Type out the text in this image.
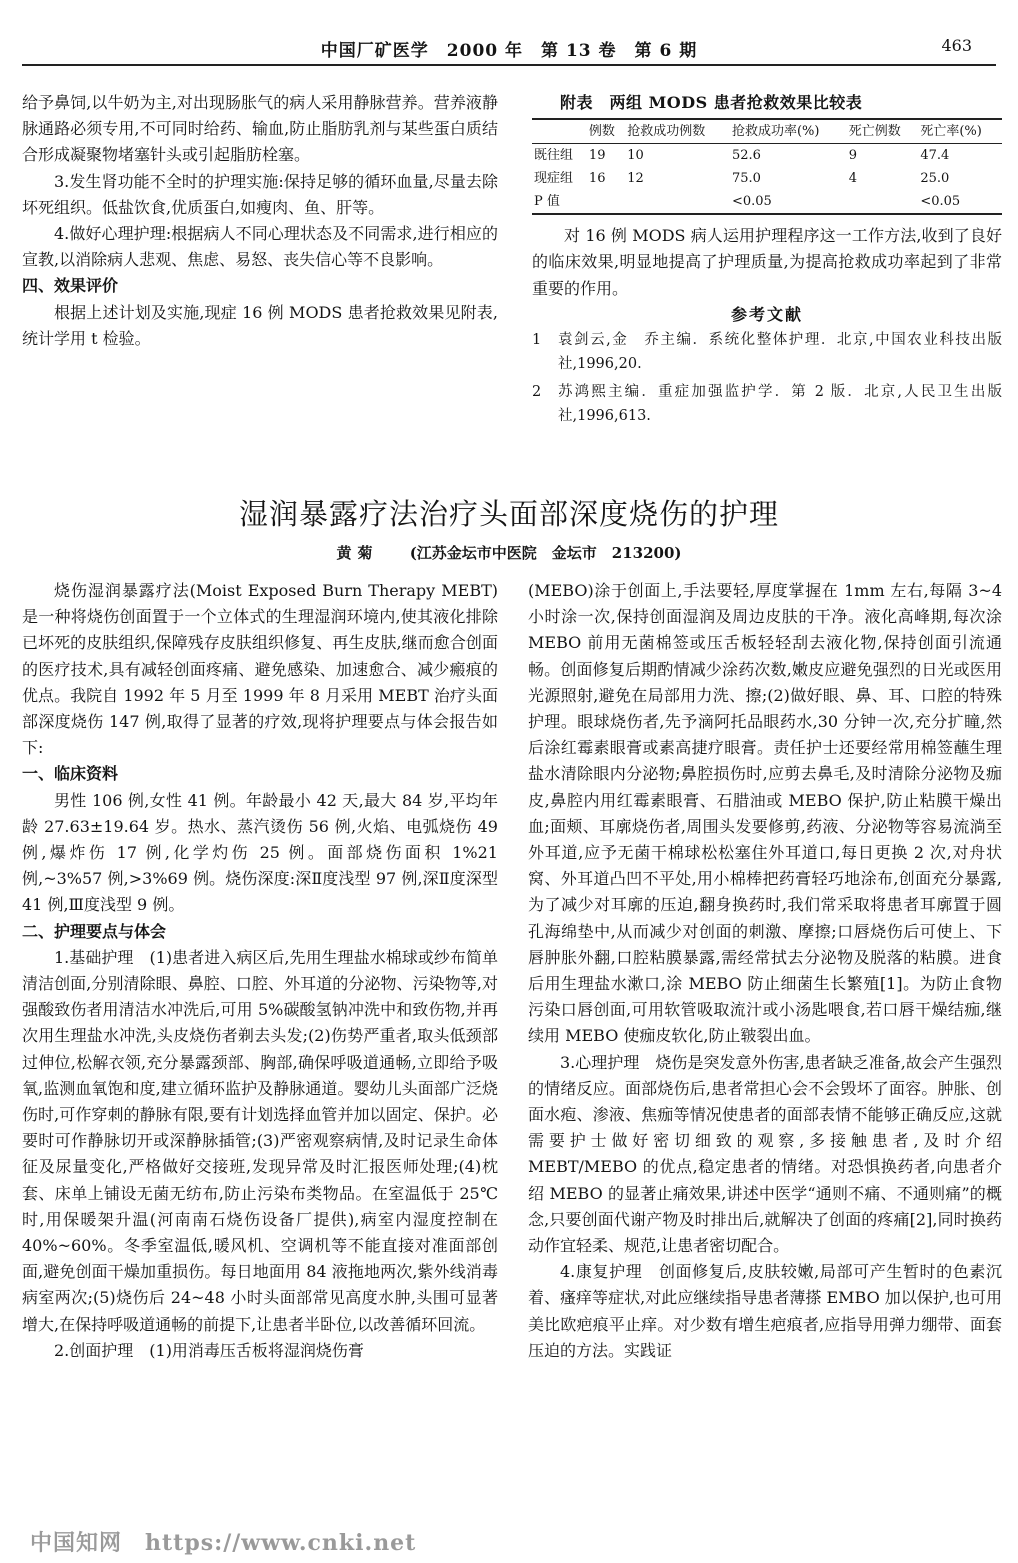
中国厂矿医学　2000 年　第 13 卷　第 6 期	463

给予鼻饲,以牛奶为主,对出现肠胀气的病人采用静脉营养。营养液静脉通路必须专用,不可同时给药、输血,防止脂肪乳剂与某些蛋白质结合形成凝聚物堵塞针头或引起脂肪栓塞。

3.发生肾功能不全时的护理实施:保持足够的循环血量,尽量去除坏死组织。低盐饮食,优质蛋白,如瘦肉、鱼、肝等。

4.做好心理护理:根据病人不同心理状态及不同需求,进行相应的宣教,以消除病人悲观、焦虑、易怒、丧失信心等不良影响。

四、效果评价

根据上述计划及实施,现症 16 例 MODS 患者抢救效果见附表,统计学用 t 检验。

附表　两组 MODS 患者抢救效果比较表
	例数	抢救成功例数	抢救成功率(%)	死亡例数	死亡率(%)
既往组	19	10	52.6	9	47.4
现症组	16	12	75.0	4	25.0
P 值			<0.05		<0.05

对 16 例 MODS 病人运用护理程序这一工作方法,收到了良好的临床效果,明显地提高了护理质量,为提高抢救成功率起到了非常重要的作用。

参考文献
1	袁剑云,金　乔主编．系统化整体护理．北京,中国农业科技出版社,1996,20.
2	苏鸿熙主编．重症加强监护学．第 2 版．北京,人民卫生出版社,1996,613.
湿润暴露疗法治疗头面部深度烧伤的护理
黄菊 (江苏金坛市中医院　金坛市　213200)

烧伤湿润暴露疗法(Moist Exposed Burn Therapy MEBT)是一种将烧伤创面置于一个立体式的生理湿润环境内,使其液化排除已坏死的皮肤组织,保障残存皮肤组织修复、再生皮肤,继而愈合创面的医疗技术,具有减轻创面疼痛、避免感染、加速愈合、减少瘢痕的优点。我院自 1992 年 5 月至 1999 年 8 月采用 MEBT 治疗头面部深度烧伤 147 例,取得了显著的疗效,现将护理要点与体会报告如下:

一、临床资料

男性 106 例,女性 41 例。年龄最小 42 天,最大 84 岁,平均年龄 27.63±19.64 岁。热水、蒸汽烫伤 56 例,火焰、电弧烧伤 49 例,爆炸伤 17 例,化学灼伤 25 例。面部烧伤面积 1%21 例,~3%57 例,>3%69 例。烧伤深度:深Ⅱ度浅型 97 例,深Ⅱ度深型 41 例,Ⅲ度浅型 9 例。

二、护理要点与体会

1.基础护理　(1)患者进入病区后,先用生理盐水棉球或纱布简单清洁创面,分别清除眼、鼻腔、口腔、外耳道的分泌物、污染物等,对强酸致伤者用清洁水冲洗后,可用 5%碳酸氢钠冲洗中和致伤物,并再次用生理盐水冲洗,头皮烧伤者剃去头发;(2)伤势严重者,取头低颈部过伸位,松解衣领,充分暴露颈部、胸部,确保呼吸道通畅,立即给予吸氧,监测血氧饱和度,建立循环监护及静脉通道。婴幼儿头面部广泛烧伤时,可作穿刺的静脉有限,要有计划选择血管并加以固定、保护。必要时可作静脉切开或深静脉插管;(3)严密观察病情,及时记录生命体征及尿量变化,严格做好交接班,发现异常及时汇报医师处理;(4)枕套、床单上铺设无菌无纺布,防止污染布类物品。在室温低于 25℃时,用保暖架升温(河南南石烧伤设备厂提供),病室内湿度控制在 40%~60%。冬季室温低,暖风机、空调机等不能直接对准面部创面,避免创面干燥加重损伤。每日地面用 84 液拖地两次,紫外线消毒病室两次;(5)烧伤后 24~48 小时头面部常见高度水肿,头围可显著增大,在保持呼吸道通畅的前提下,让患者半卧位,以改善循环回流。

2.创面护理　(1)用消毒压舌板将湿润烧伤膏

(MEBO)涂于创面上,手法要轻,厚度掌握在 1mm 左右,每隔 3~4 小时涂一次,保持创面湿润及周边皮肤的干净。液化高峰期,每次涂 MEBO 前用无菌棉签或压舌板轻轻刮去液化物,保持创面引流通畅。创面修复后期酌情减少涂药次数,嫩皮应避免强烈的日光或医用光源照射,避免在局部用力洗、擦;(2)做好眼、鼻、耳、口腔的特殊护理。眼球烧伤者,先予滴阿托品眼药水,30 分钟一次,充分扩瞳,然后涂红霉素眼膏或素高捷疗眼膏。责任护士还要经常用棉签蘸生理盐水清除眼内分泌物;鼻腔损伤时,应剪去鼻毛,及时清除分泌物及痂皮,鼻腔内用红霉素眼膏、石腊油或 MEBO 保护,防止粘膜干燥出血;面颊、耳廓烧伤者,周围头发要修剪,药液、分泌物等容易流淌至外耳道,应予无菌干棉球松松塞住外耳道口,每日更换 2 次,对舟状窝、外耳道凸凹不平处,用小棉棒把药膏轻巧地涂布,创面充分暴露,为了减少对耳廓的压迫,翻身换药时,我们常采取将患者耳廓置于圆孔海绵垫中,从而减少对创面的刺激、摩擦;口唇烧伤后可使上、下唇肿胀外翻,口腔粘膜暴露,需经常拭去分泌物及脱落的粘膜。进食后用生理盐水漱口,涂 MEBO 防止细菌生长繁殖[1]。为防止食物污染口唇创面,可用软管吸取流汁或小汤匙喂食,若口唇干燥结痂,继续用 MEBO 使痂皮软化,防止皲裂出血。

3.心理护理　烧伤是突发意外伤害,患者缺乏准备,故会产生强烈的情绪反应。面部烧伤后,患者常担心会不会毁坏了面容。肿胀、创面水疱、渗液、焦痂等情况使患者的面部表情不能够正确反应,这就需要护士做好密切细致的观察,多接触患者,及时介绍 MEBT/MEBO 的优点,稳定患者的情绪。对恐惧换药者,向患者介绍 MEBO 的显著止痛效果,讲述中医学“通则不痛、不通则痛”的概念,只要创面代谢产物及时排出后,就解决了创面的疼痛[2],同时换药动作宜轻柔、规范,让患者密切配合。

4.康复护理　创面修复后,皮肤较嫩,局部可产生暂时的色素沉着、瘙痒等症状,对此应继续指导患者薄搽 EMBO 加以保护,也可用美比欧疤痕平止痒。对少数有增生疤痕者,应指导用弹力绷带、面套压迫的方法。实践证

中国知网　https://www.cnki.net
